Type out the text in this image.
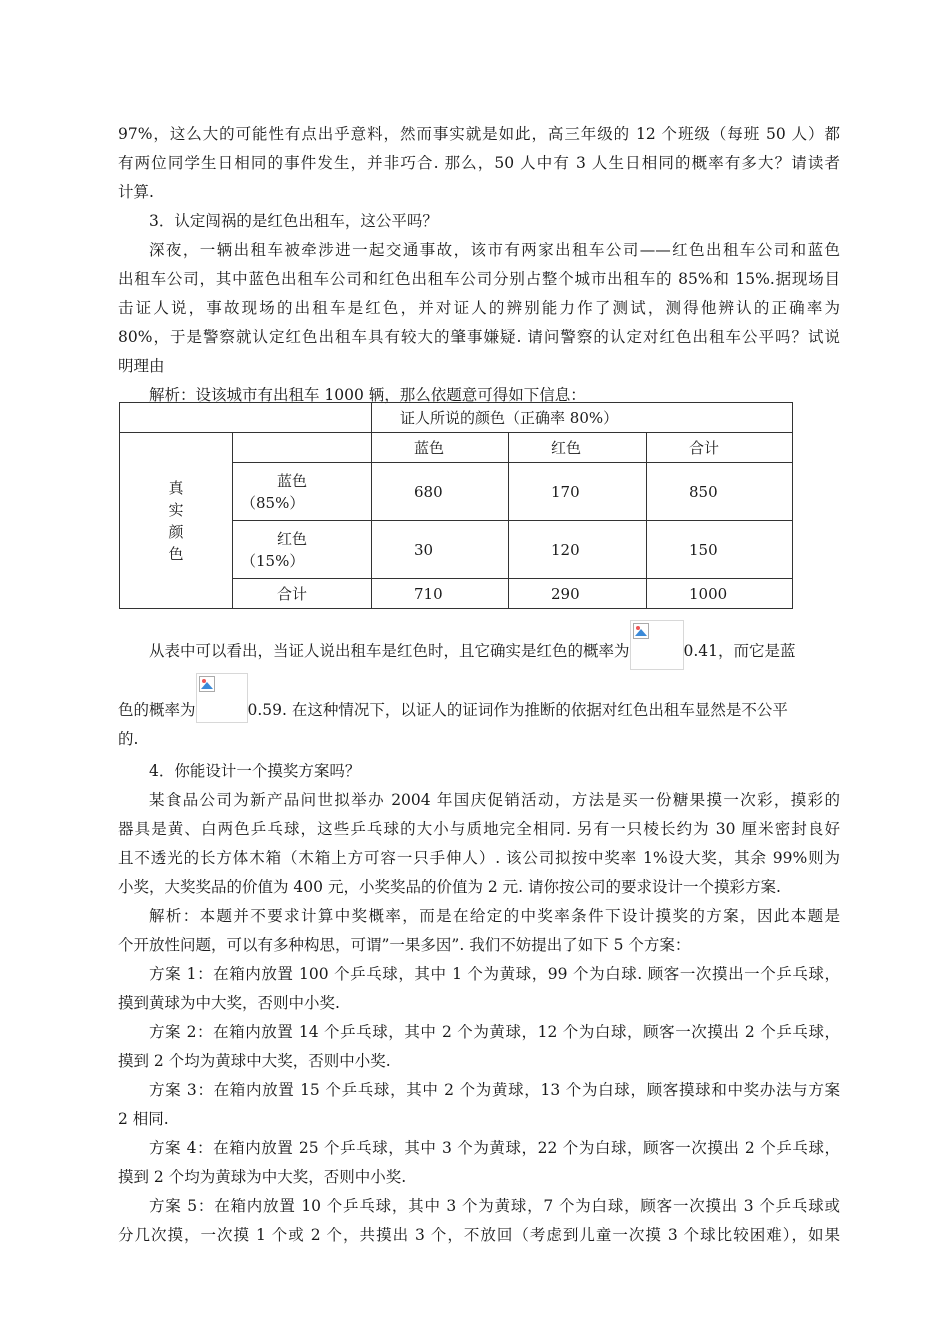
97%，这么大的可能性有点出乎意料，然而事实就是如此，高三年级的 12 个班级（每班 50 人）都
有两位同学生日相同的事件发生，并非巧合. 那么，50 人中有 3 人生日相同的概率有多大？请读者
计算.
3．认定闯祸的是红色出租车，这公平吗？
深夜，一辆出租车被牵涉进一起交通事故，该市有两家出租车公司——红色出租车公司和蓝色
出租车公司，其中蓝色出租车公司和红色出租车公司分别占整个城市出租车的 85%和 15%.据现场目
击证人说，事故现场的出租车是红色，并对证人的辨别能力作了测试，测得他辨认的正确率为
80%，于是警察就认定红色出租车具有较大的肇事嫌疑. 请问警察的认定对红色出租车公平吗？试说
明理由
解析：设该城市有出租车 1000 辆，那么依题意可得如下信息：
		证人所说的颜色（正确率 80%）		

真
实
颜
色		蓝色	红色	合计

	蓝色
（85%）	680	170	850

	红色
（15%）	30	120	150
	合计	710	290	1000
从表中可以看出，当证人说出租车是红色时，且它确实是红色的概率为	0.41，而它是蓝
色的概率为	0.59. 在这种情况下，以证人的证词作为推断的依据对红色出租车显然是不公平
的.
4．你能设计一个摸奖方案吗？
某食品公司为新产品问世拟举办 2004 年国庆促销活动，方法是买一份糖果摸一次彩，摸彩的
器具是黄、白两色乒乓球，这些乒乓球的大小与质地完全相同. 另有一只棱长约为 30 厘米密封良好
且不透光的长方体木箱（木箱上方可容一只手伸人）. 该公司拟按中奖率 1%设大奖，其余 99%则为
小奖，大奖奖品的价值为 400 元，小奖奖品的价值为 2 元. 请你按公司的要求设计一个摸彩方案.
解析：本题并不要求计算中奖概率，而是在给定的中奖率条件下设计摸奖的方案，因此本题是
个开放性问题，可以有多种构思，可谓”一果多因”. 我们不妨提出了如下 5 个方案：
方案 1：在箱内放置 100 个乒乓球，其中 1 个为黄球，99 个为白球. 顾客一次摸出一个乒乓球，
摸到黄球为中大奖，否则中小奖.
方案 2：在箱内放置 14 个乒乓球，其中 2 个为黄球，12 个为白球，顾客一次摸出 2 个乒乓球，
摸到 2 个均为黄球中大奖，否则中小奖.
方案 3：在箱内放置 15 个乒乓球，其中 2 个为黄球，13 个为白球，顾客摸球和中奖办法与方案
2 相同.
方案 4：在箱内放置 25 个乒乓球，其中 3 个为黄球，22 个为白球，顾客一次摸出 2 个乒乓球，
摸到 2 个均为黄球为中大奖，否则中小奖.
方案 5：在箱内放置 10 个乒乓球，其中 3 个为黄球，7 个为白球，顾客一次摸出 3 个乒乓球或
分几次摸，一次摸 1 个或 2 个，共摸出 3 个，不放回（考虑到儿童一次摸 3 个球比较困难），如果
